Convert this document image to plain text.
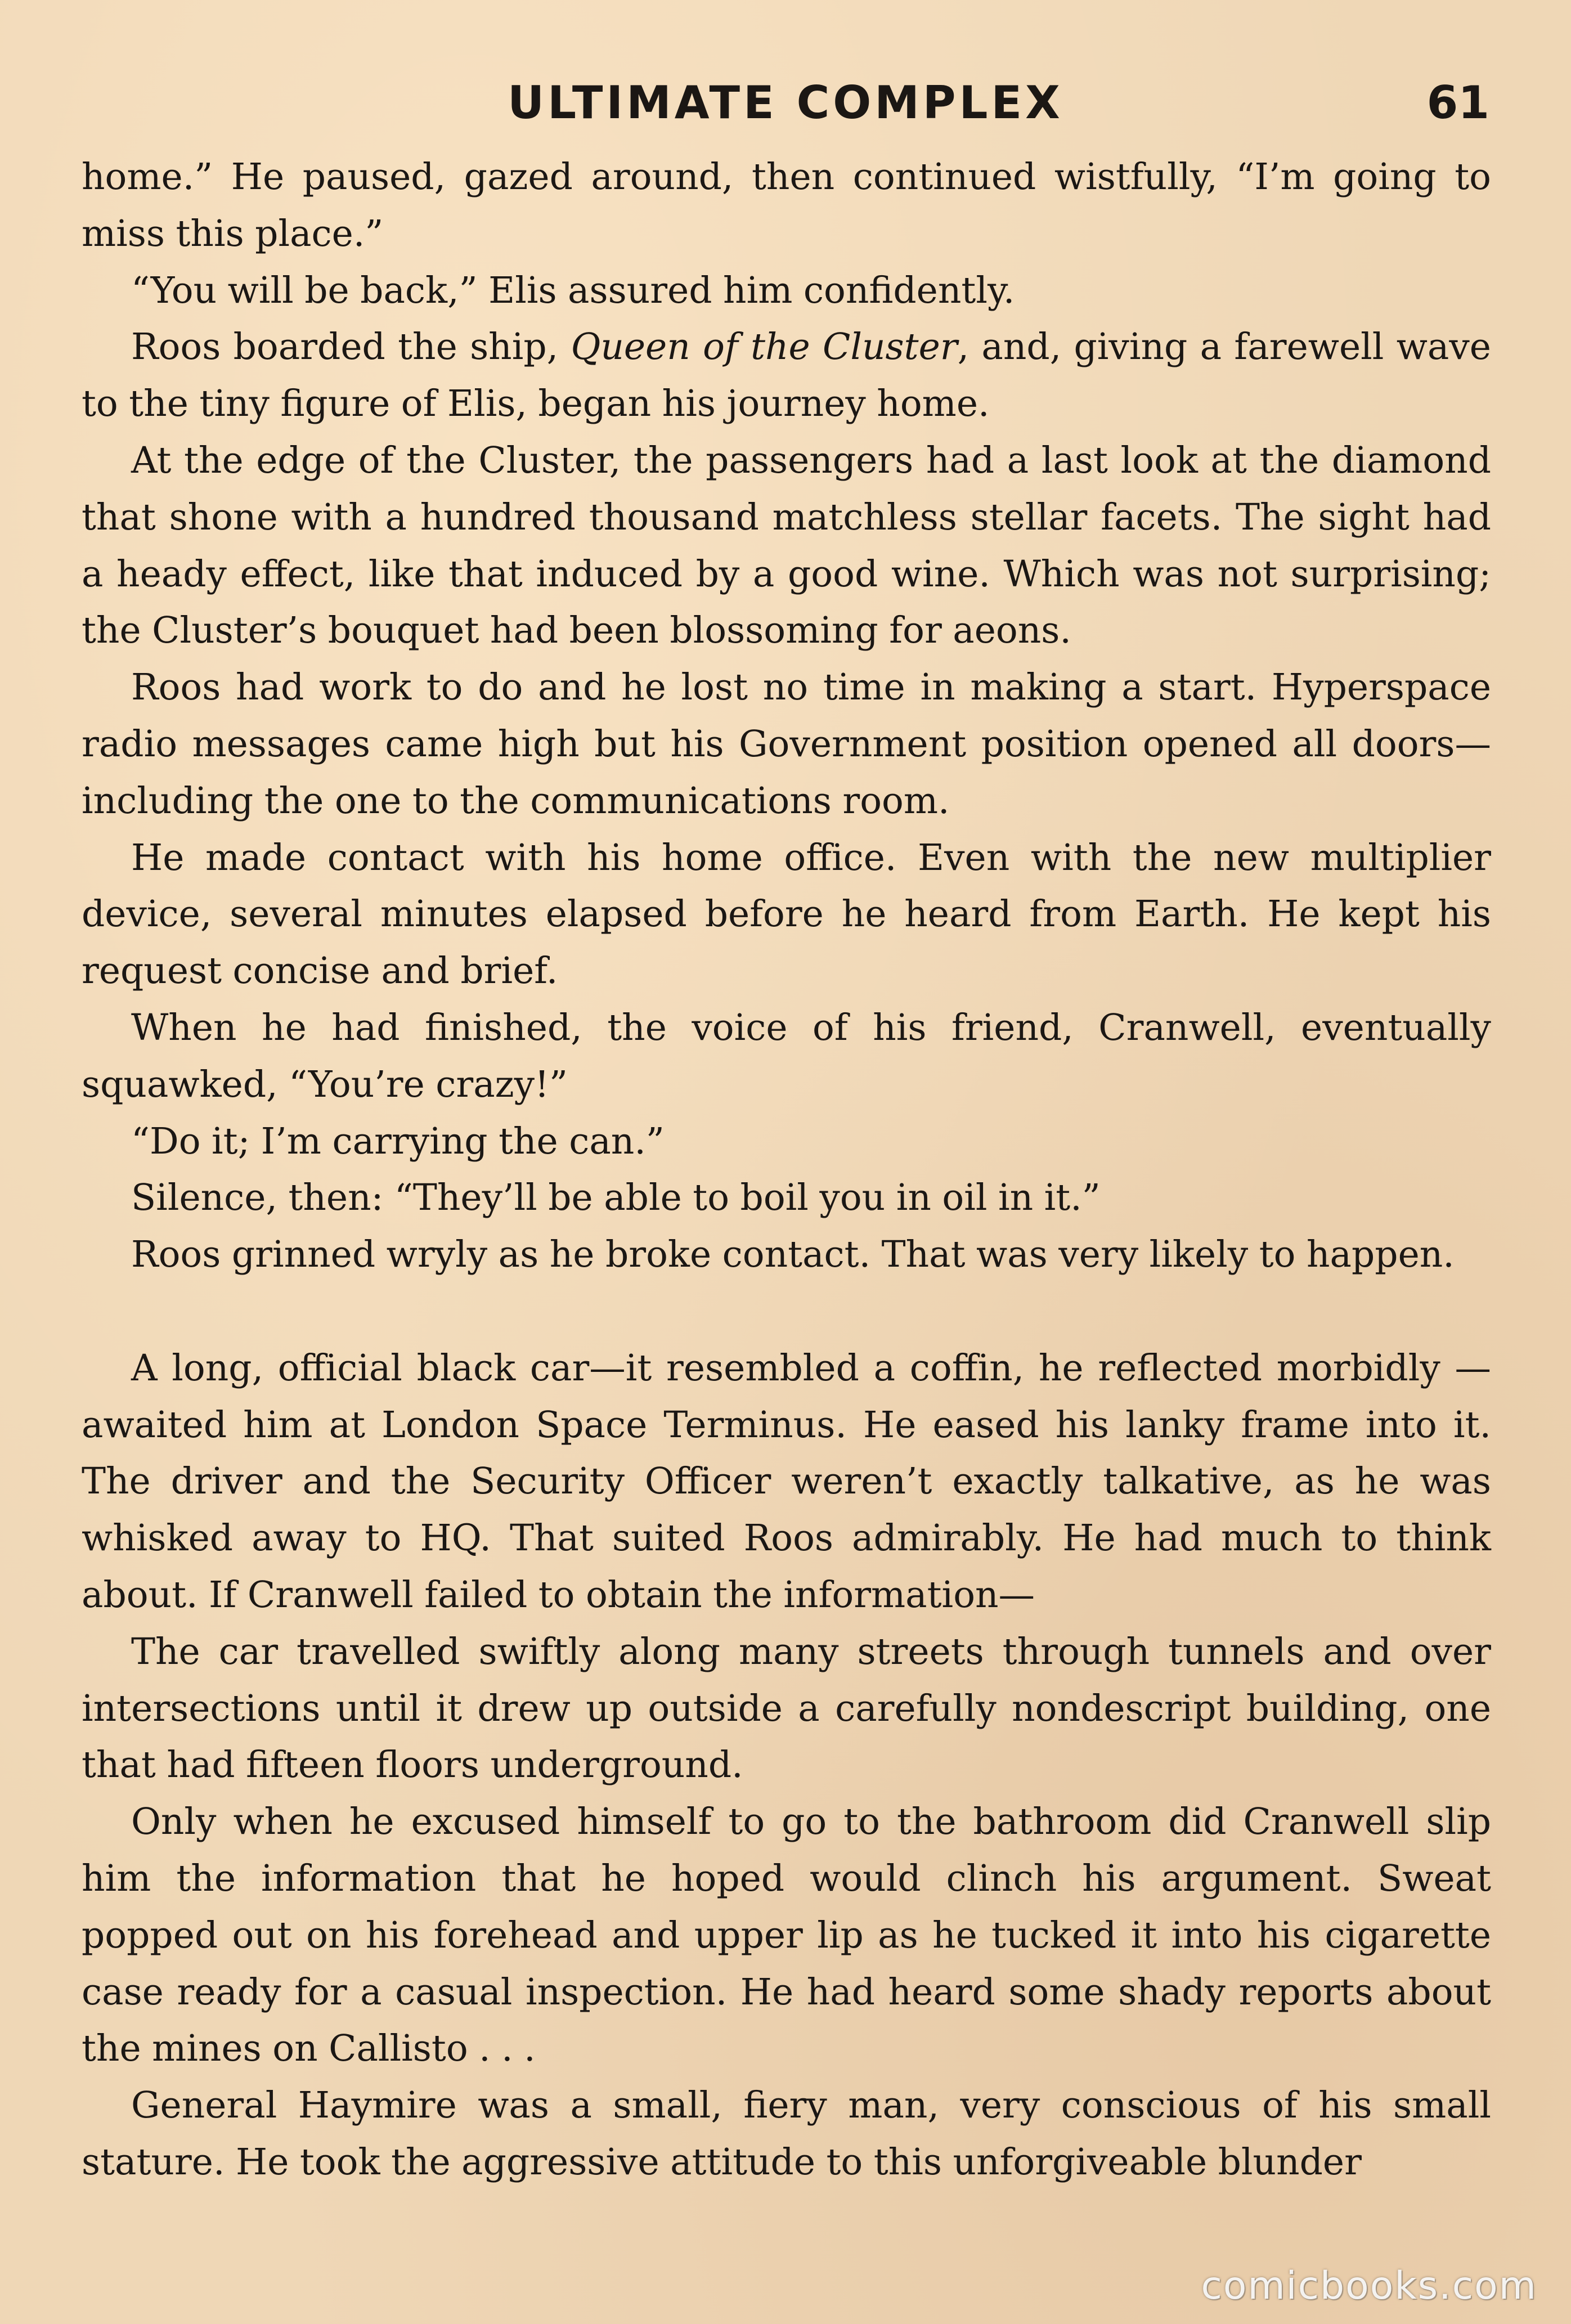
ULTIMATE COMPLEX	61

home.” He paused, gazed around, then continued wistfully, “I’m going to miss this place.”

“You will be back,” Elis assured him confidently.

Roos boarded the ship, Queen of the Cluster, and, giving a farewell wave to the tiny figure of Elis, began his journey home.

At the edge of the Cluster, the passengers had a last look at the diamond that shone with a hundred thousand matchless stellar facets. The sight had a heady effect, like that induced by a good wine. Which was not surprising; the Cluster’s bouquet had been blossoming for aeons.

Roos had work to do and he lost no time in making a start. Hyperspace radio messages came high but his Government position opened all doors—including the one to the communications room.

He made contact with his home office. Even with the new multiplier device, several minutes elapsed before he heard from Earth. He kept his request concise and brief.

When he had finished, the voice of his friend, Cranwell, eventually squawked, “You’re crazy!”

“Do it; I’m carrying the can.”

Silence, then: “They’ll be able to boil you in oil in it.”

Roos grinned wryly as he broke contact. That was very likely to happen.

A long, official black car—it resembled a coffin, he reflected morbidly —awaited him at London Space Terminus. He eased his lanky frame into it. The driver and the Security Officer weren’t exactly talkative, as he was whisked away to HQ. That suited Roos admirably. He had much to think about. If Cranwell failed to obtain the information—

The car travelled swiftly along many streets through tunnels and over intersections until it drew up outside a carefully nondescript building, one that had fifteen floors underground.

Only when he excused himself to go to the bathroom did Cranwell slip him the information that he hoped would clinch his argument. Sweat popped out on his forehead and upper lip as he tucked it into his cigarette case ready for a casual inspection. He had heard some shady reports about the mines on Callisto . . .

General Haymire was a small, fiery man, very conscious of his small stature. He took the aggressive attitude to this unforgiveable blunder

comicbooks.com
